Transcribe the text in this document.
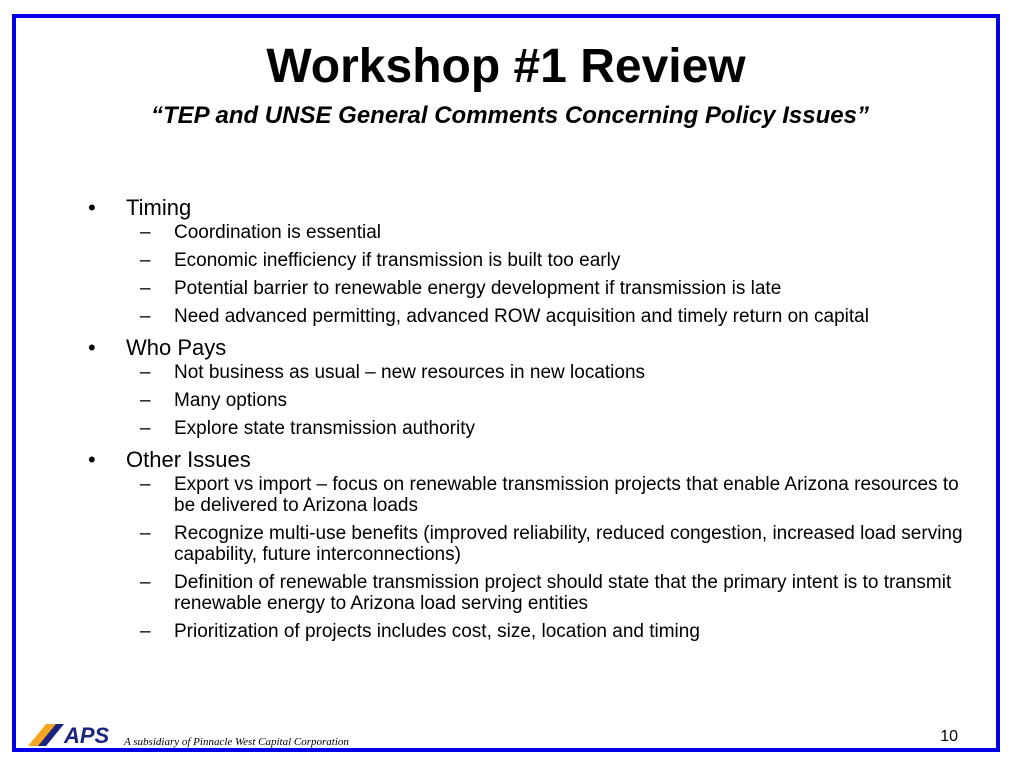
Workshop #1 Review
“TEP and UNSE General Comments Concerning Policy Issues”
• Timing
– Coordination is essential
– Economic inefficiency if transmission is built too early
– Potential barrier to renewable energy development if transmission is late
– Need advanced permitting, advanced ROW acquisition and timely return on capital
• Who Pays
– Not business as usual – new resources in new locations
– Many options
– Explore state transmission authority
• Other Issues
– Export vs import – focus on renewable transmission projects that enable Arizona resources to be delivered to Arizona loads
– Recognize multi-use benefits (improved reliability, reduced congestion, increased load serving capability, future interconnections)
– Definition of renewable transmission project should state that the primary intent is to transmit renewable energy to Arizona load serving entities
– Prioritization of projects includes cost, size, location and timing
APS A subsidiary of Pinnacle West Capital Corporation	10
